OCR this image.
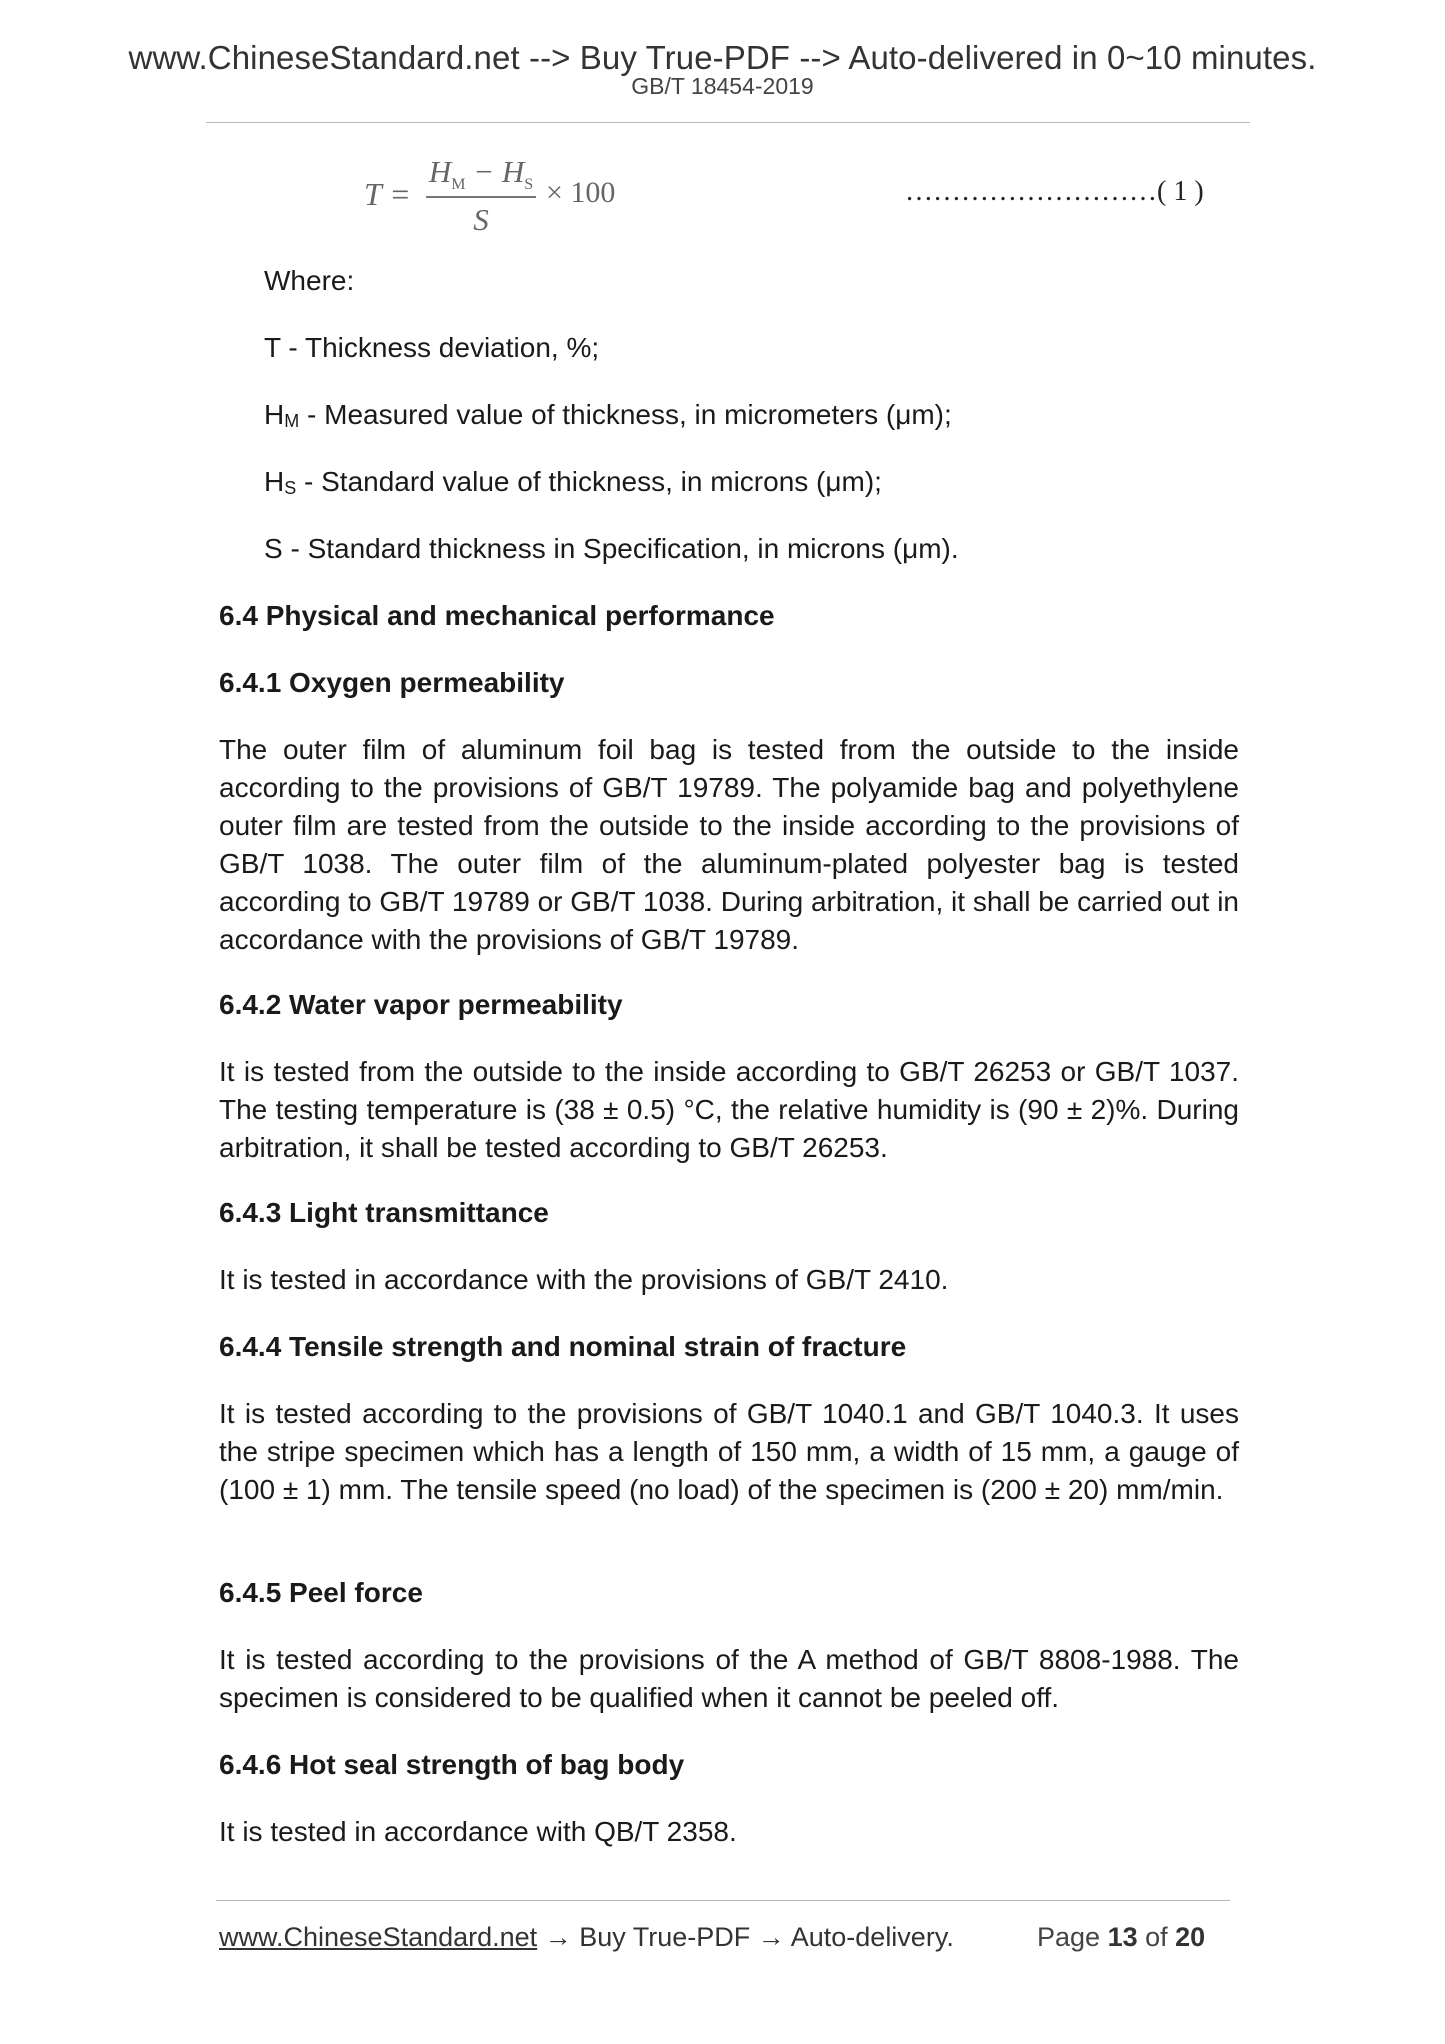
www.ChineseStandard.net --> Buy True-PDF --> Auto-delivered in 0~10 minutes.
GB/T 18454-2019
T =
$H_M - H_S$
S
× 100	………………………( 1 )

Where:

T - Thickness deviation, %;

$H_M$ - Measured value of thickness, in micrometers (μm);

$H_S$ - Standard value of thickness, in microns (μm);

S - Standard thickness in Specification, in microns (μm).

6.4 Physical and mechanical performance
6.4.1 Oxygen permeability

The outer film of aluminum foil bag is tested from the outside to the inside according to the provisions of GB/T 19789. The polyamide bag and polyethylene outer film are tested from the outside to the inside according to the provisions of GB/T 1038. The outer film of the aluminum-plated polyester bag is tested according to GB/T 19789 or GB/T 1038. During arbitration, it shall be carried out in accordance with the provisions of GB/T 19789.

6.4.2 Water vapor permeability

It is tested from the outside to the inside according to GB/T 26253 or GB/T 1037. The testing temperature is (38 ± 0.5) °C, the relative humidity is (90 ± 2)%. During arbitration, it shall be tested according to GB/T 26253.

6.4.3 Light transmittance

It is tested in accordance with the provisions of GB/T 2410.

6.4.4 Tensile strength and nominal strain of fracture

It is tested according to the provisions of GB/T 1040.1 and GB/T 1040.3. It uses the stripe specimen which has a length of 150 mm, a width of 15 mm, a gauge of (100 ± 1) mm. The tensile speed (no load) of the specimen is (200 ± 20) mm/min.

6.4.5 Peel force

It is tested according to the provisions of the A method of GB/T 8808-1988. The specimen is considered to be qualified when it cannot be peeled off.

6.4.6 Hot seal strength of bag body

It is tested in accordance with QB/T 2358.

www.ChineseStandard.net → Buy True-PDF → Auto-delivery.	Page 13 of 20
